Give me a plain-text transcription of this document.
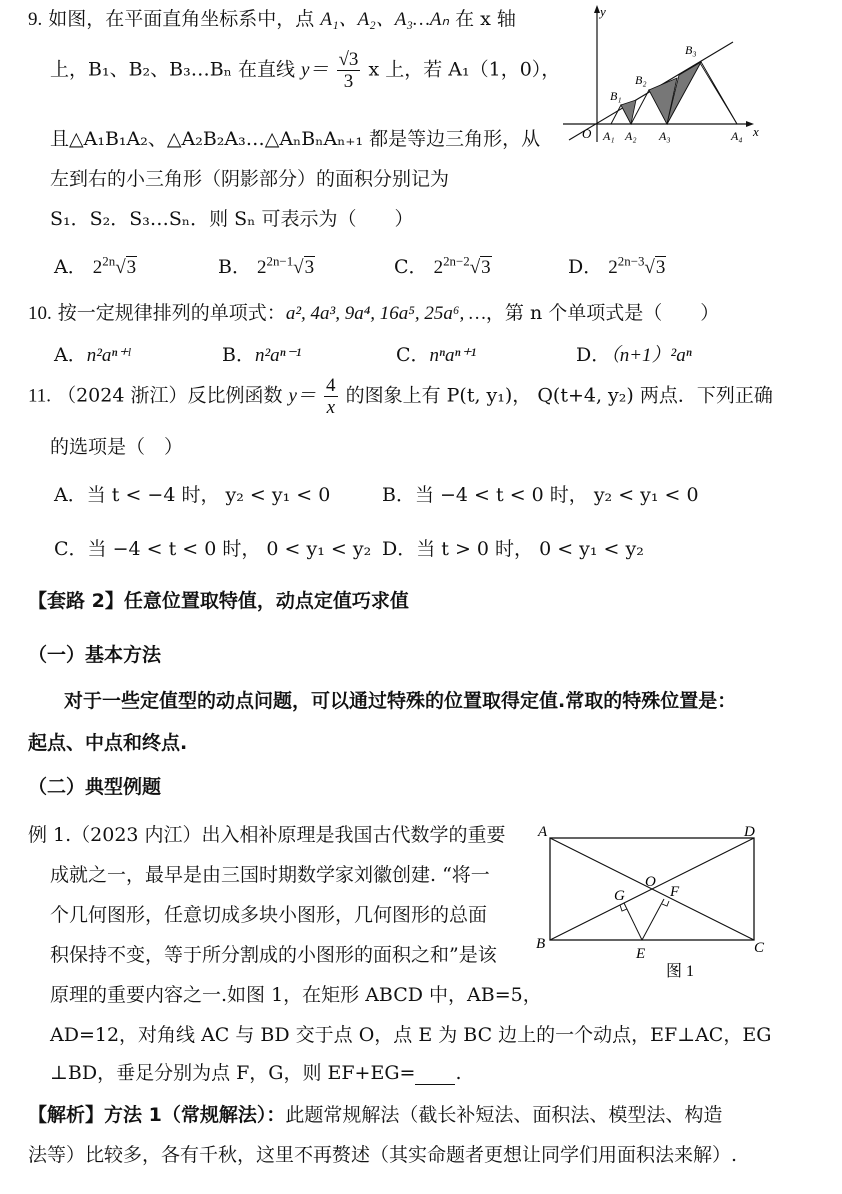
9. 如图，在平面直角坐标系中，点 A₁、A₂、A₃…Aₙ 在 x 轴
上，B₁、B₂、B₃…Bₙ 在直线 $y= \frac{√3}{3}$ x 上，若 A₁（1，0），
且△A₁B₁A₂、△A₂B₂A₃…△AₙBₙAₙ₊₁ 都是等边三角形，从
左到右的小三角形（阴影部分）的面积分别记为
S₁．S₂．S₃…Sₙ．则 Sₙ 可表示为（　　）
A． $2^{2n}√3$	B． $2^{2n-1}√3$	C． $2^{2n-2}√3$	D． $2^{2n-3}√3$
y
x
O A₁ A₂ A₃	A₄
B₁
B₂
B₃
10. 按一定规律排列的单项式：a², 4a³, 9a⁴, 16a⁵, 25a⁶, …，第 n 个单项式是（　　）
A．n²aⁿ⁺ˡ	B．n²aⁿ⁻¹	C．nⁿaⁿ⁺¹	D．（n+1）²aⁿ
11. （2024 浙江）反比例函数 $y= \frac{4}{x}$ 的图象上有 P(t, y₁)， Q(t+4, y₂) 两点．下列正确
的选项是（　）
A．当 t < −4 时， y₂ < y₁ < 0	B．当 −4 < t < 0 时， y₂ < y₁ < 0
C．当 −4 < t < 0 时， 0 < y₁ < y₂ D．当 t > 0 时， 0 < y₁ < y₂
【套路 2】任意位置取特值，动点定值巧求值
（一）基本方法
对于一些定值型的动点问题，可以通过特殊的位置取得定值.常取的特殊位置是：
起点、中点和终点.
（二）典型例题
例 1.（2023 内江）出入相补原理是我国古代数学的重要
成就之一，最早是由三国时期数学家刘徽创建. “将一
个几何图形，任意切成多块小图形，几何图形的总面
积保持不变，等于所分割成的小图形的面积之和”是该
原理的重要内容之一.如图 1，在矩形 ABCD 中，AB=5，
AD=12，对角线 AC 与 BD 交于点 O，点 E 为 BC 边上的一个动点，EF⊥AC，EG
⊥BD，垂足分别为点 F，G，则 EF+EG= .
A	D
B	C
O
G	F
E
图 1
【解析】方法 1（常规解法）：此题常规解法（截长补短法、面积法、模型法、构造
法等）比较多，各有千秋，这里不再赘述（其实命题者更想让同学们用面积法来解）.
